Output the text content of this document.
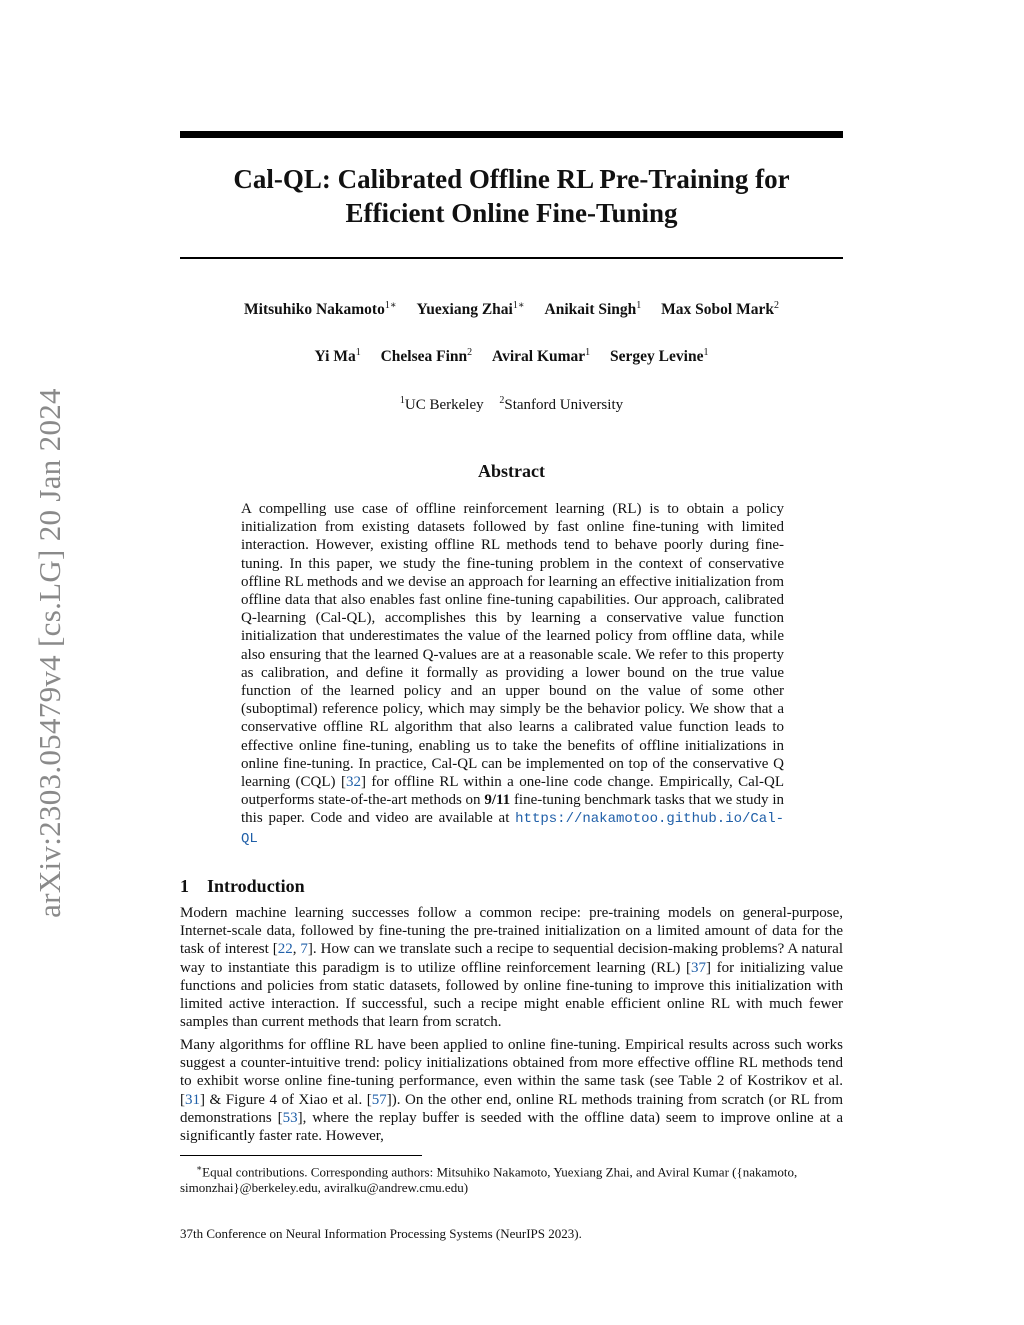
arXiv:2303.05479v4 [cs.LG] 20 Jan 2024
Cal-QL: Calibrated Offline RL Pre-Training for
Efficient Online Fine-Tuning

Mitsuhiko Nakamoto$^{1∗}$ Yuexiang Zhai$^{1∗}$ Anikait Singh$^1$ Max Sobol Mark$^2$

Yi Ma$^1$ Chelsea Finn$^2$ Aviral Kumar$^1$ Sergey Levine$^1$

$^1$UC Berkeley $^2$Stanford University

Abstract

A compelling use case of offline reinforcement learning (RL) is to obtain a policy initialization from existing datasets followed by fast online fine-tuning with limited interaction. However, existing offline RL methods tend to behave poorly during fine-tuning. In this paper, we study the fine-tuning problem in the context of conservative offline RL methods and we devise an approach for learning an effective initialization from offline data that also enables fast online fine-tuning capabilities. Our approach, calibrated Q-learning (Cal-QL), accomplishes this by learning a conservative value function initialization that underestimates the value of the learned policy from offline data, while also ensuring that the learned Q-values are at a reasonable scale. We refer to this property as calibration, and define it formally as providing a lower bound on the true value function of the learned policy and an upper bound on the value of some other (suboptimal) reference policy, which may simply be the behavior policy. We show that a conservative offline RL algorithm that also learns a calibrated value function leads to effective online fine-tuning, enabling us to take the benefits of offline initializations in online fine-tuning. In practice, Cal-QL can be implemented on top of the conservative Q learning (CQL) [32] for offline RL within a one-line code change. Empirically, Cal-QL outperforms state-of-the-art methods on 9/11 fine-tuning benchmark tasks that we study in this paper. Code and video are available at https://nakamotoo.github.io/Cal-QL

1 Introduction

Modern machine learning successes follow a common recipe: pre-training models on general-purpose, Internet-scale data, followed by fine-tuning the pre-trained initialization on a limited amount of data for the task of interest [22, 7]. How can we translate such a recipe to sequential decision-making problems? A natural way to instantiate this paradigm is to utilize offline reinforcement learning (RL) [37] for initializing value functions and policies from static datasets, followed by online fine-tuning to improve this initialization with limited active interaction. If successful, such a recipe might enable efficient online RL with much fewer samples than current methods that learn from scratch.

Many algorithms for offline RL have been applied to online fine-tuning. Empirical results across such works suggest a counter-intuitive trend: policy initializations obtained from more effective offline RL methods tend to exhibit worse online fine-tuning performance, even within the same task (see Table 2 of Kostrikov et al. [31] & Figure 4 of Xiao et al. [57]). On the other end, online RL methods training from scratch (or RL from demonstrations [53], where the replay buffer is seeded with the offline data) seem to improve online at a significantly faster rate. However,

∗Equal contributions. Corresponding authors: Mitsuhiko Nakamoto, Yuexiang Zhai, and Aviral Kumar ({nakamoto, simonzhai}@berkeley.edu, aviralku@andrew.cmu.edu)

37th Conference on Neural Information Processing Systems (NeurIPS 2023).
